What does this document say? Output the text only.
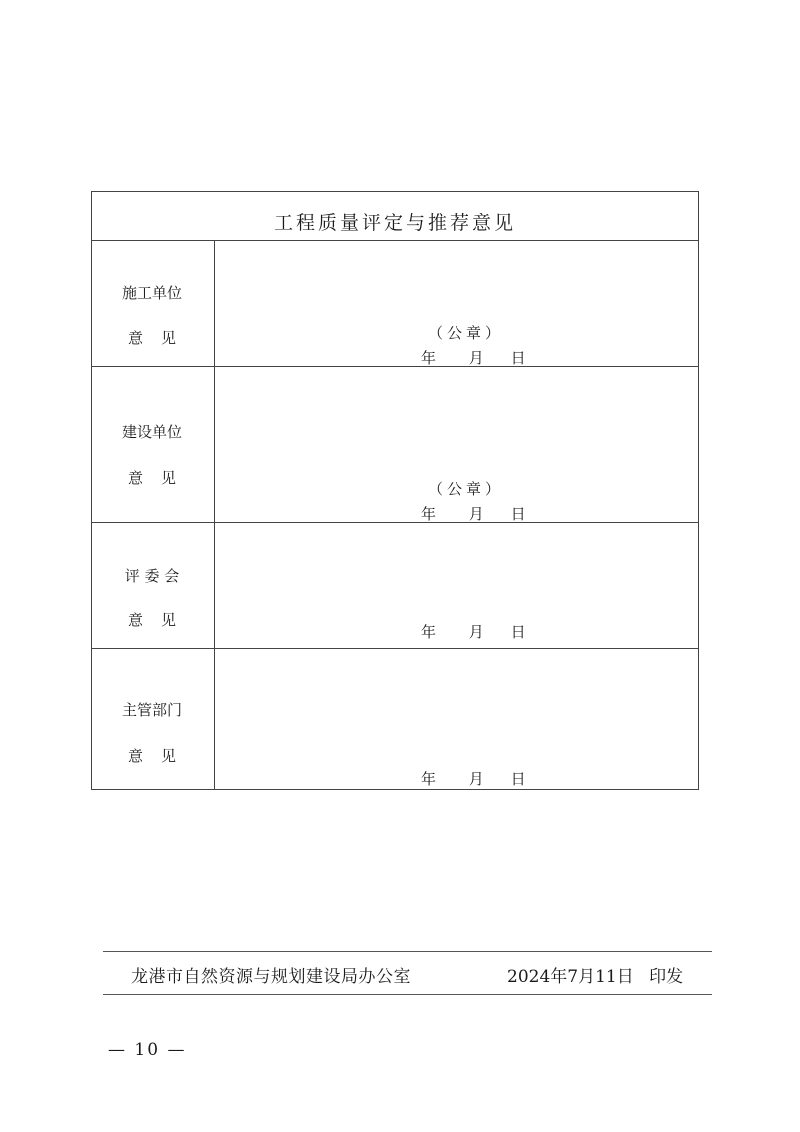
工程质量评定与推荐意见
施工单位
意见	（公章）
年 月 日
建设单位
意见
（公章）
年 月 日
评 委 会
意见
年 月 日
主管部门
意见
年 月 日
龙港市自然资源与规划建设局办公室	2024年7月11日 印发
— 10 —
